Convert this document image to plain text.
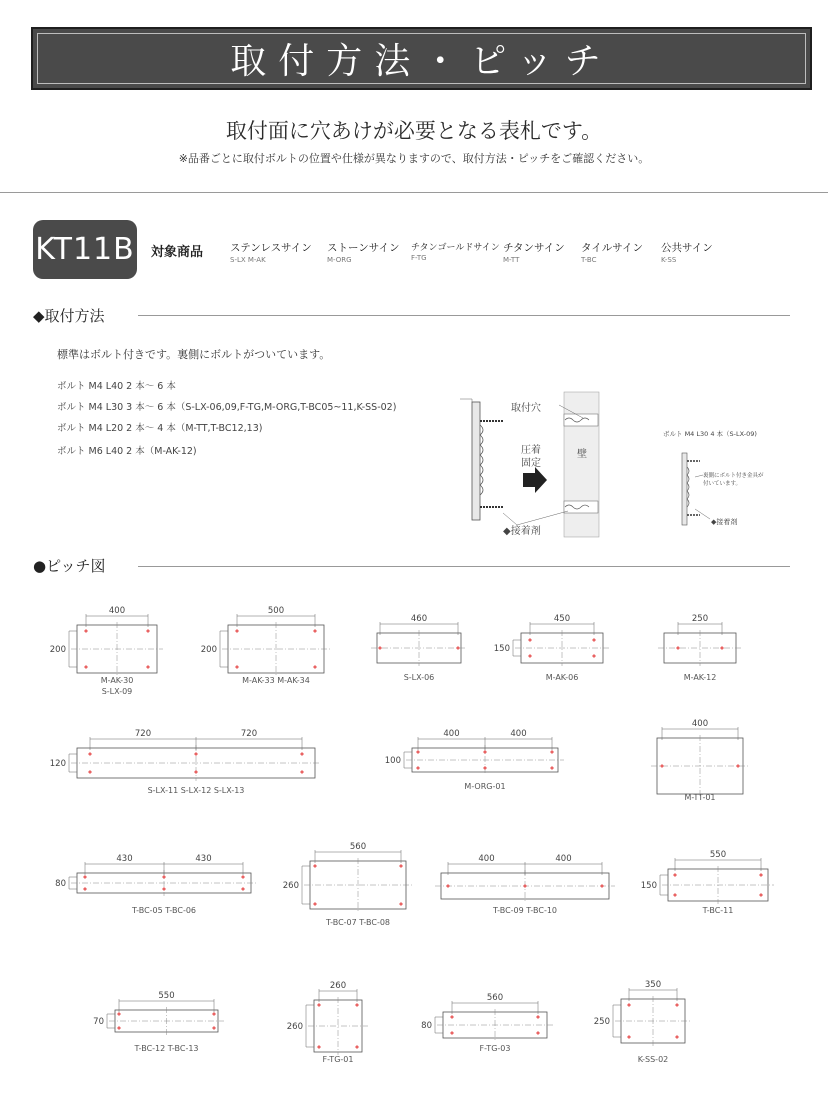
取付方法・ピッチ
取付面に穴あけが必要となる表札です。
※品番ごとに取付ボルトの位置や仕様が異なりますので、取付方法・ピッチをご確認ください。
KT11B 対象商品	ステンレスサイン
S-LX M-AK
ストーンサイン
M-ORG
チタンゴールドサイン
F-TG
チタンサイン
M-TT
タイルサイン
T-BC
公共サイン
K-SS
◆取付方法
標準はボルト付きです。裏側にボルトがついています。
ボルト M4 L40 2 本～ 6 本
ボルト M4 L30 3 本～ 6 本（S-LX-06,09,F-TG,M-ORG,T-BC05~11,K-SS-02)
ボルト M4 L20 2 本～ 4 本（M-TT,T-BC12,13)
ボルト M6 L40 2 本（M-AK-12)
取付穴
圧着
固定
壁
◆接着剤
ボルト M4 L30 4 本（S-LX-09)
裏側にボルト付き金具が
付いています。
◆接着剤
●ピッチ図
400
200
M-AK-30
S-LX-09
500
200
M-AK-33 M-AK-34
460
S-LX-06
450
150
M-AK-06
250
M-AK-12
720	720
120
S-LX-11 S-LX-12 S-LX-13
400	400
100
M-ORG-01
400
M-TT-01
430	430
80
T-BC-05 T-BC-06
560
260
T-BC-07 T-BC-08
400	400
T-BC-09 T-BC-10
550
150
T-BC-11
550
70
T-BC-12 T-BC-13
260
260
F-TG-01
560
80
F-TG-03
350
250
K-SS-02
